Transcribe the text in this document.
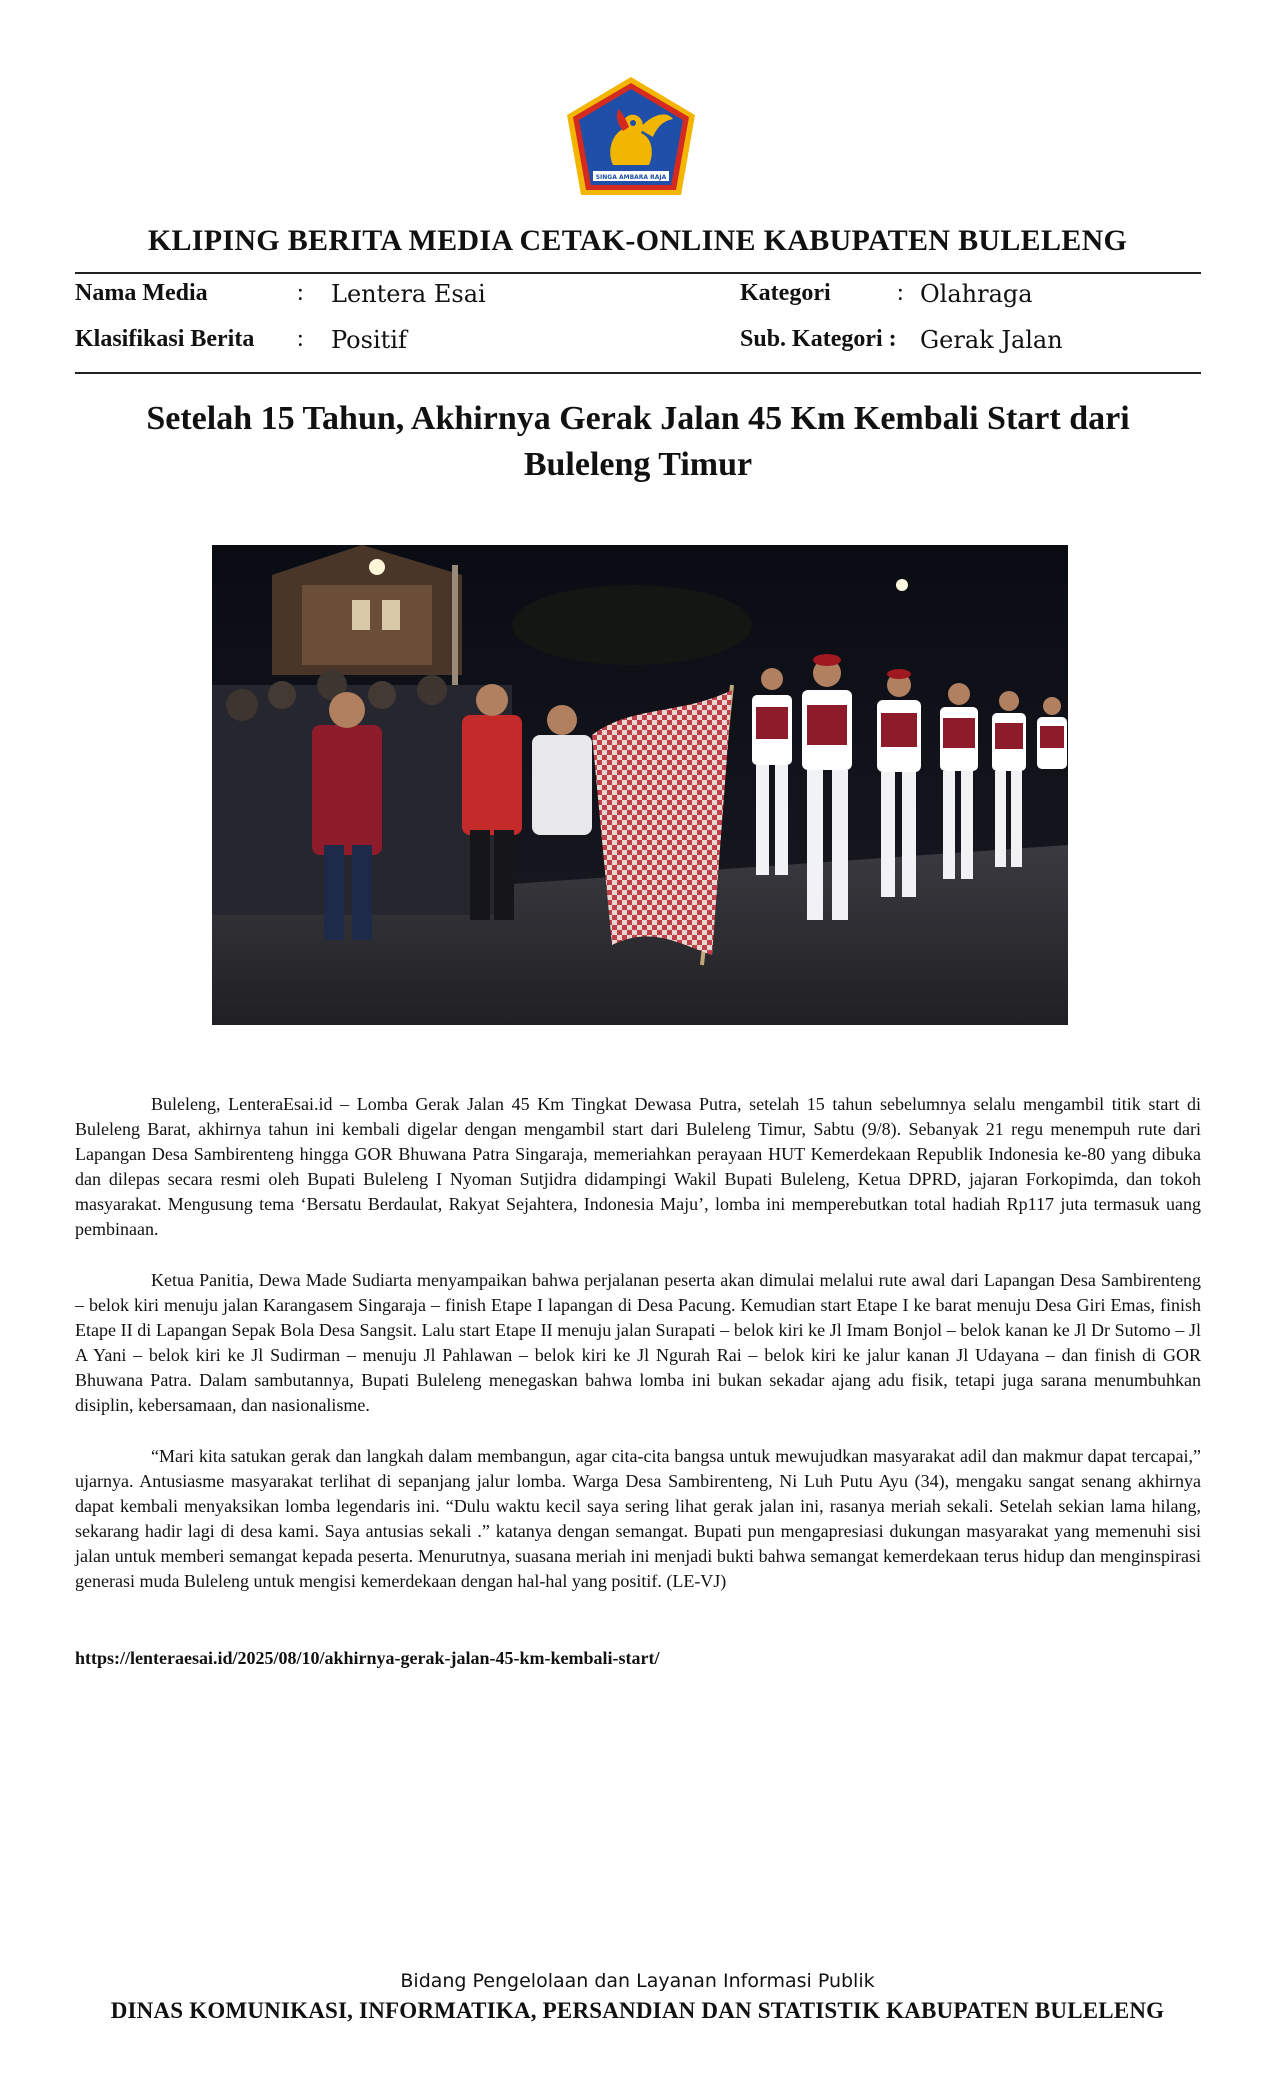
SINGA AMBARA RAJA
KLIPING BERITA MEDIA CETAK-ONLINE KABUPATEN BULELENG
Nama Media	: Lentera Esai	Kategori	: Olahraga
Klasifikasi Berita : Positif	Sub. Kategori : Gerak Jalan
Setelah 15 Tahun, Akhirnya Gerak Jalan 45 Km Kembali Start dari Buleleng Timur

Buleleng, LenteraEsai.id – Lomba Gerak Jalan 45 Km Tingkat Dewasa Putra, setelah 15 tahun sebelumnya selalu mengambil titik start di Buleleng Barat, akhirnya tahun ini kembali digelar dengan mengambil start dari Buleleng Timur, Sabtu (9/8). Sebanyak 21 regu menempuh rute dari Lapangan Desa Sambirenteng hingga GOR Bhuwana Patra Singaraja, memeriahkan perayaan HUT Kemerdekaan Republik Indonesia ke-80 yang dibuka dan dilepas secara resmi oleh Bupati Buleleng I Nyoman Sutjidra didampingi Wakil Bupati Buleleng, Ketua DPRD, jajaran Forkopimda, dan tokoh masyarakat. Mengusung tema ‘Bersatu Berdaulat, Rakyat Sejahtera, Indonesia Maju’, lomba ini memperebutkan total hadiah Rp117 juta termasuk uang pembinaan.

Ketua Panitia, Dewa Made Sudiarta menyampaikan bahwa perjalanan peserta akan dimulai melalui rute awal dari Lapangan Desa Sambirenteng – belok kiri menuju jalan Karangasem Singaraja – finish Etape I lapangan di Desa Pacung. Kemudian start Etape I ke barat menuju Desa Giri Emas, finish Etape II di Lapangan Sepak Bola Desa Sangsit. Lalu start Etape II menuju jalan Surapati – belok kiri ke Jl Imam Bonjol – belok kanan ke Jl Dr Sutomo – Jl A Yani – belok kiri ke Jl Sudirman – menuju Jl Pahlawan – belok kiri ke Jl Ngurah Rai – belok kiri ke jalur kanan Jl Udayana – dan finish di GOR Bhuwana Patra. Dalam sambutannya, Bupati Buleleng menegaskan bahwa lomba ini bukan sekadar ajang adu fisik, tetapi juga sarana menumbuhkan disiplin, kebersamaan, dan nasionalisme.

“Mari kita satukan gerak dan langkah dalam membangun, agar cita-cita bangsa untuk mewujudkan masyarakat adil dan makmur dapat tercapai,” ujarnya. Antusiasme masyarakat terlihat di sepanjang jalur lomba. Warga Desa Sambirenteng, Ni Luh Putu Ayu (34), mengaku sangat senang akhirnya dapat kembali menyaksikan lomba legendaris ini. “Dulu waktu kecil saya sering lihat gerak jalan ini, rasanya meriah sekali. Setelah sekian lama hilang, sekarang hadir lagi di desa kami. Saya antusias sekali .” katanya dengan semangat. Bupati pun mengapresiasi dukungan masyarakat yang memenuhi sisi jalan untuk memberi semangat kepada peserta. Menurutnya, suasana meriah ini menjadi bukti bahwa semangat kemerdekaan terus hidup dan menginspirasi generasi muda Buleleng untuk mengisi kemerdekaan dengan hal-hal yang positif. (LE-VJ)

https://lenteraesai.id/2025/08/10/akhirnya-gerak-jalan-45-km-kembali-start/
Bidang Pengelolaan dan Layanan Informasi Publik
DINAS KOMUNIKASI, INFORMATIKA, PERSANDIAN DAN STATISTIK KABUPATEN BULELENG
